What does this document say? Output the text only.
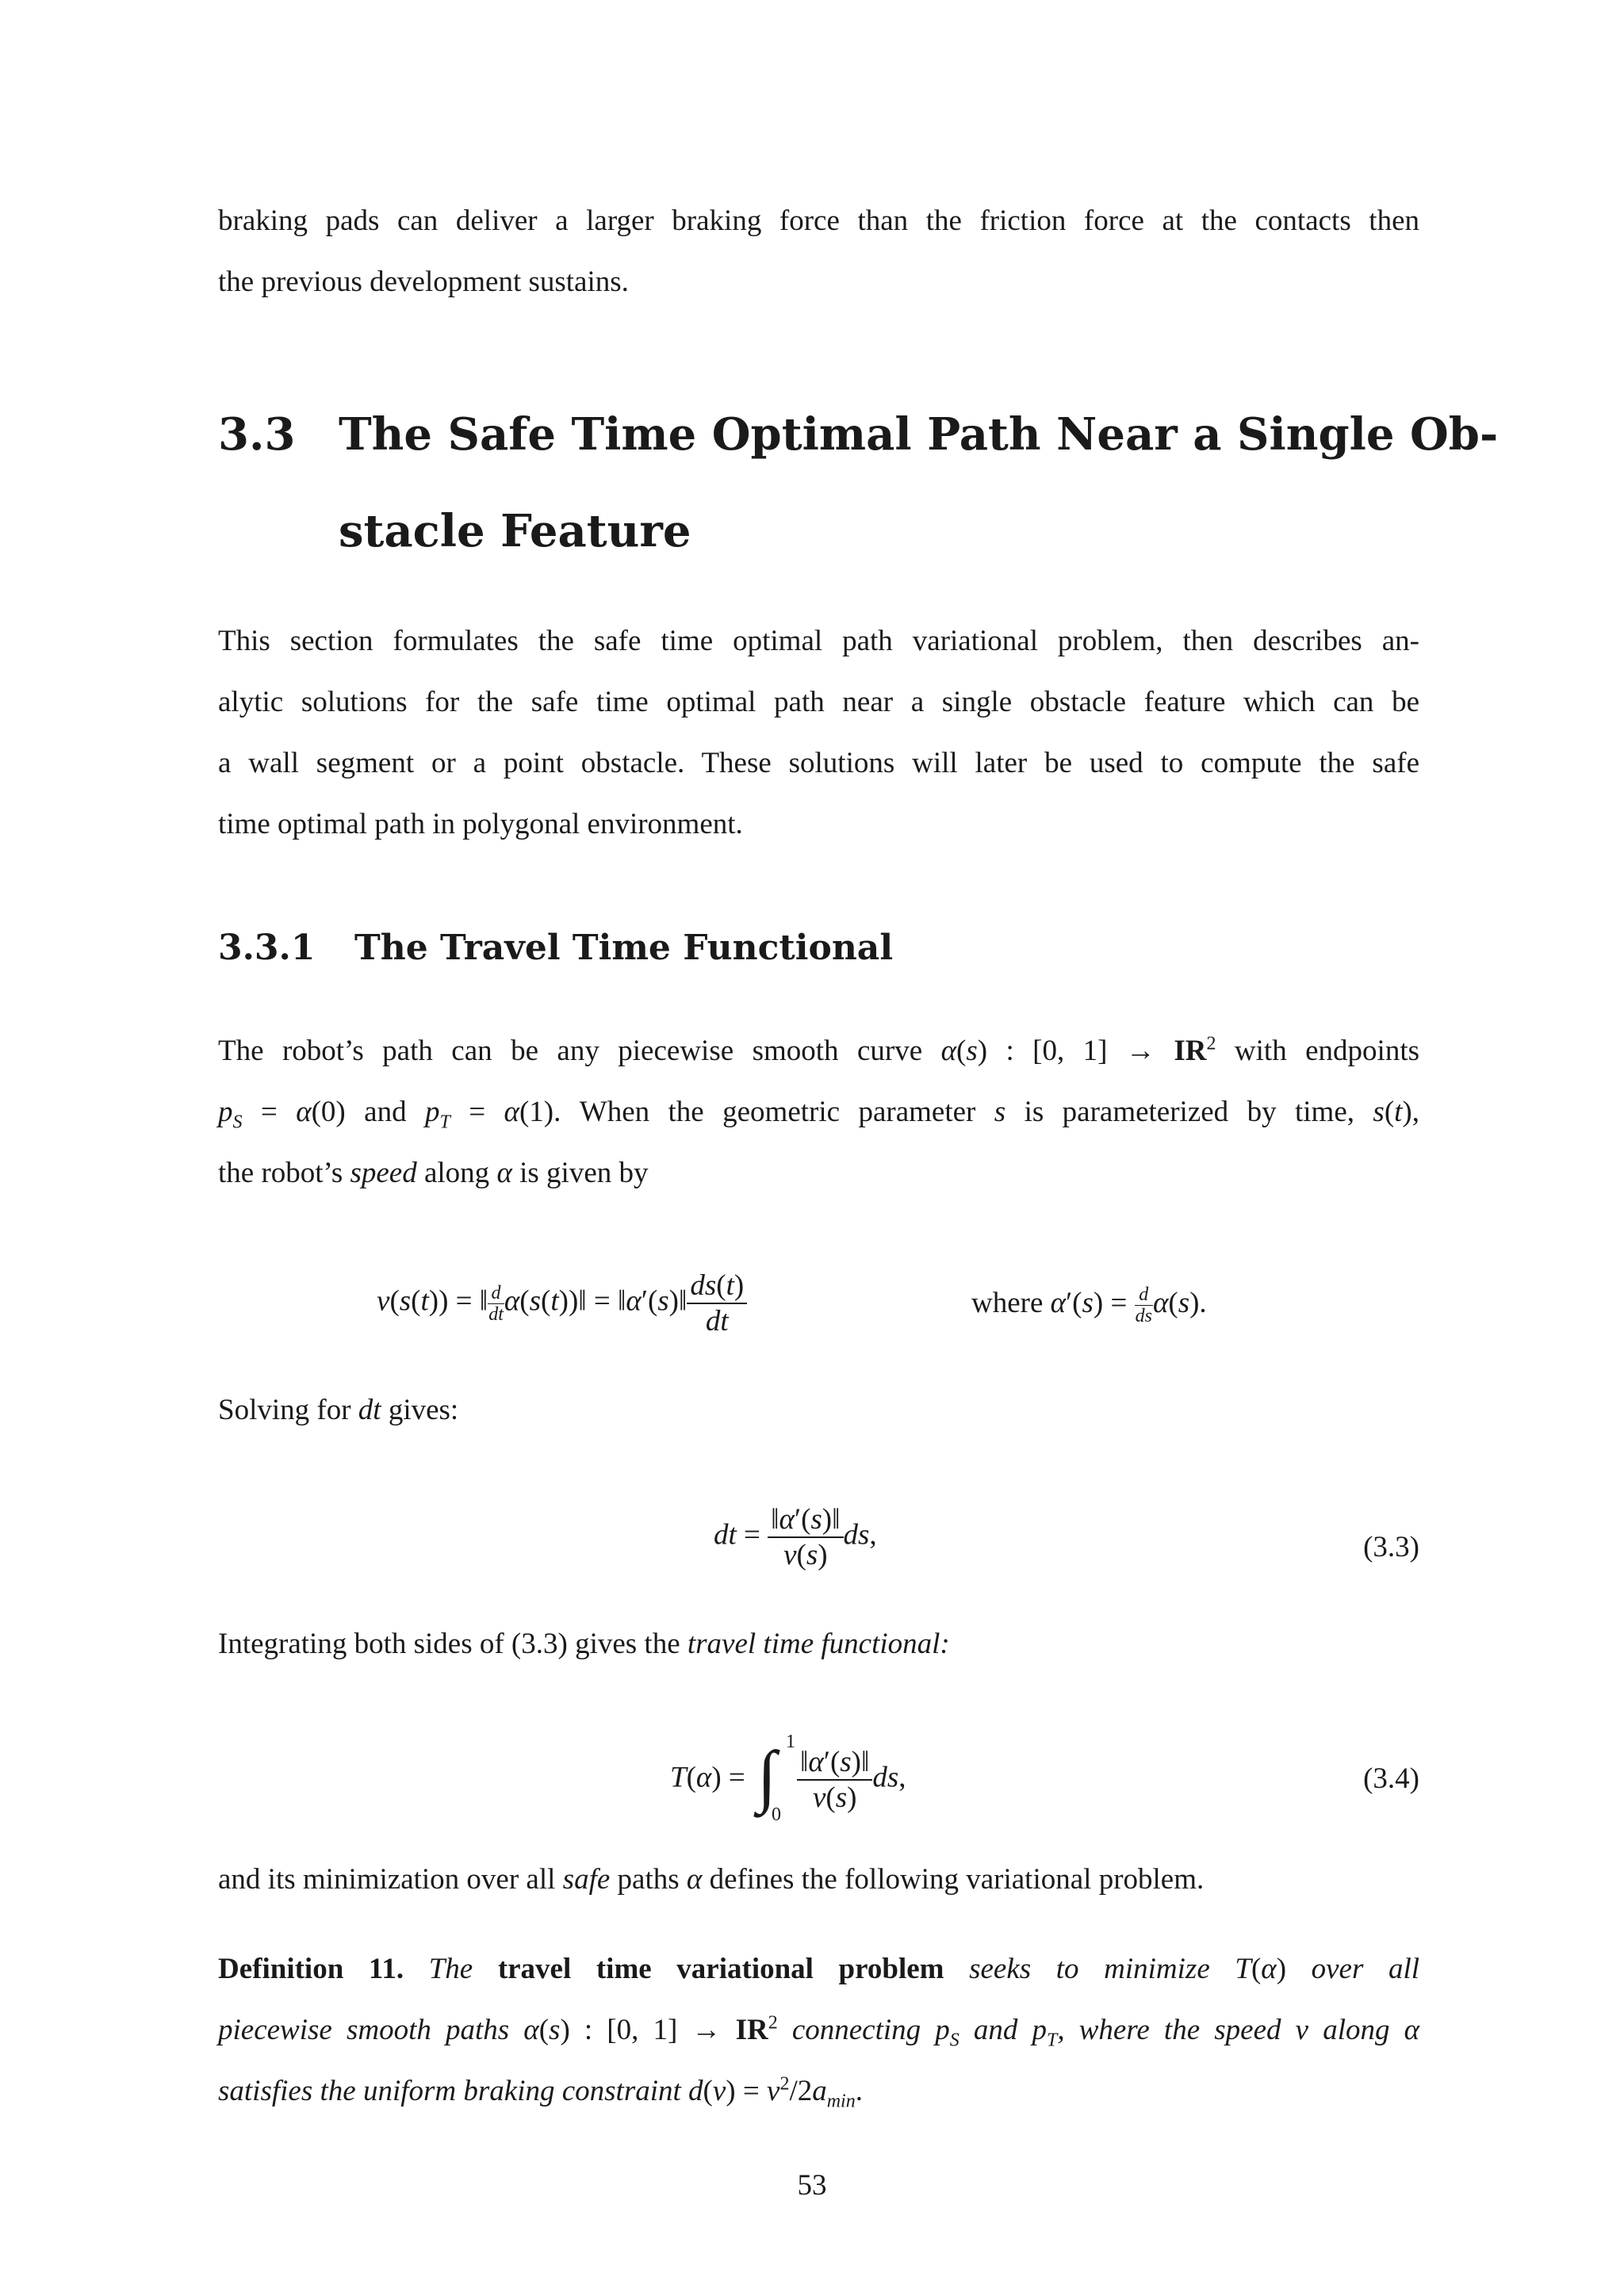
braking pads can deliver a larger braking force than the friction force at the contacts then
the previous development sustains.
3.3 The Safe Time Optimal Path Near a Single Ob-
stacle Feature
This section formulates the safe time optimal path variational problem, then describes an-
alytic solutions for the safe time optimal path near a single obstacle feature which can be
a wall segment or a point obstacle. These solutions will later be used to compute the safe
time optimal path in polygonal environment.
3.3.1 The Travel Time Functional
The robot’s path can be any piecewise smooth curve α(s) : [0, $1] \to IR^2$ with endpoints
$p_S = \alpha(0)$ and $p_T = \alpha(1)$. When the geometric parameter s is parameterized by time, s(t),
the robot’s speed along α is given by
ν(s(t)) = ‖ $\frac{d}{dt}$ α(s(t))‖ = ‖α′(s)‖ $\frac{ds(t)}{dt}$	where $\alpha'(s) = \frac{d}{ds} \alpha(s)$.
Solving for dt gives:
dt = $\frac{‖\alpha'(s)‖}{\nu(s)}$ ds,	(3.3)
Integrating both sides of (3.3) gives the travel time functional:
T(α) = ∫ 1
$0 \frac{‖\alpha'(s)‖}{\nu(s)}$ ds,	(3.4)
and its minimization over all safe paths α defines the following variational problem.
Definition 11. The travel time variational problem seeks to minimize T(α) over all
piecewise smooth paths α(s) : [0, $1] \to IR^2$ connecting $p_S$ and $p_T$, where the speed ν along α
satisfies the uniform braking constraint $d(\nu) = \nu^2/2a_{min}$.
53
